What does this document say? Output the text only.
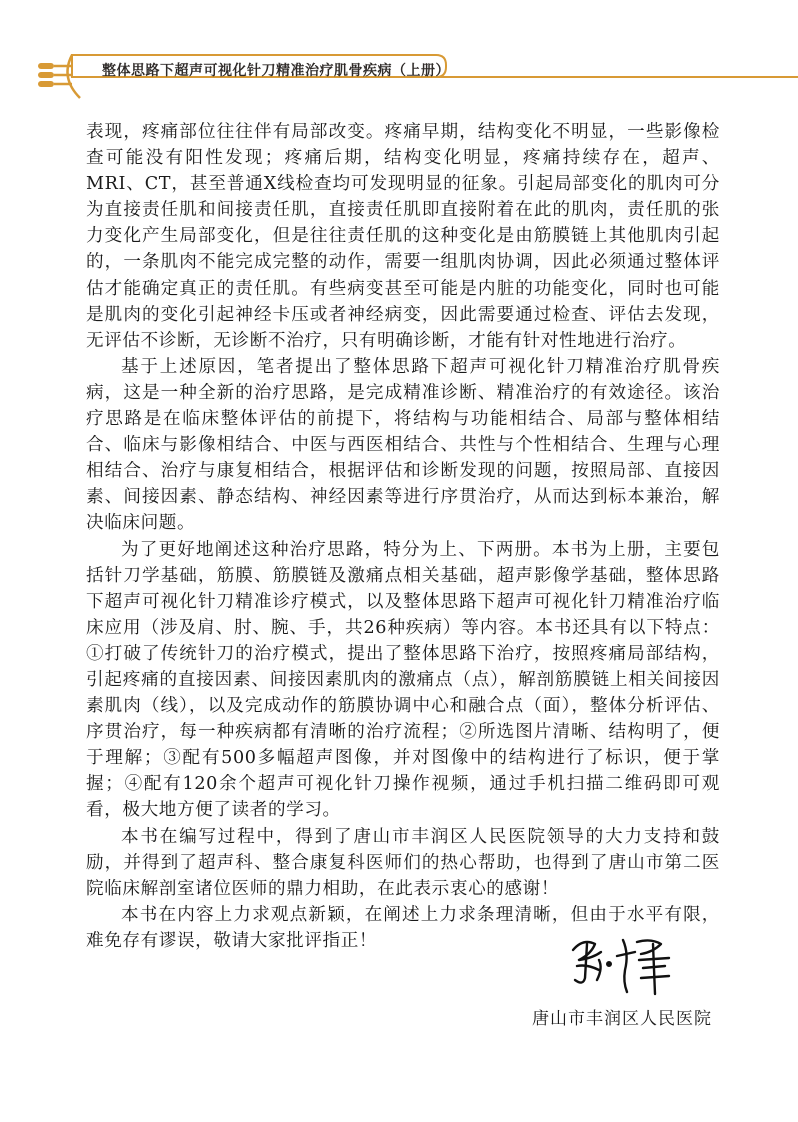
整体思路下超声可视化针刀精准治疗肌骨疾病（上册）

表现，疼痛部位往往伴有局部改变。疼痛早期，结构变化不明显，一些影像检查可能没有阳性发现；疼痛后期，结构变化明显，疼痛持续存在，超声、MRI、CT，甚至普通X线检查均可发现明显的征象。引起局部变化的肌肉可分为直接责任肌和间接责任肌，直接责任肌即直接附着在此的肌肉，责任肌的张力变化产生局部变化，但是往往责任肌的这种变化是由筋膜链上其他肌肉引起的，一条肌肉不能完成完整的动作，需要一组肌肉协调，因此必须通过整体评估才能确定真正的责任肌。有些病变甚至可能是内脏的功能变化，同时也可能是肌肉的变化引起神经卡压或者神经病变，因此需要通过检查、评估去发现，无评估不诊断，无诊断不治疗，只有明确诊断，才能有针对性地进行治疗。

基于上述原因，笔者提出了整体思路下超声可视化针刀精准治疗肌骨疾病，这是一种全新的治疗思路，是完成精准诊断、精准治疗的有效途径。该治疗思路是在临床整体评估的前提下，将结构与功能相结合、局部与整体相结合、临床与影像相结合、中医与西医相结合、共性与个性相结合、生理与心理相结合、治疗与康复相结合，根据评估和诊断发现的问题，按照局部、直接因素、间接因素、静态结构、神经因素等进行序贯治疗，从而达到标本兼治，解决临床问题。

为了更好地阐述这种治疗思路，特分为上、下两册。本书为上册，主要包括针刀学基础，筋膜、筋膜链及激痛点相关基础，超声影像学基础，整体思路下超声可视化针刀精准诊疗模式，以及整体思路下超声可视化针刀精准治疗临床应用（涉及肩、肘、腕、手，共26种疾病）等内容。本书还具有以下特点：①打破了传统针刀的治疗模式，提出了整体思路下治疗，按照疼痛局部结构，引起疼痛的直接因素、间接因素肌肉的激痛点（点），解剖筋膜链上相关间接因素肌肉（线），以及完成动作的筋膜协调中心和融合点（面），整体分析评估、序贯治疗，每一种疾病都有清晰的治疗流程；②所选图片清晰、结构明了，便于理解；③配有500多幅超声图像，并对图像中的结构进行了标识，便于掌握；④配有120余个超声可视化针刀操作视频，通过手机扫描二维码即可观看，极大地方便了读者的学习。

本书在编写过程中，得到了唐山市丰润区人民医院领导的大力支持和鼓励，并得到了超声科、整合康复科医师们的热心帮助，也得到了唐山市第二医院临床解剖室诸位医师的鼎力相助，在此表示衷心的感谢！

本书在内容上力求观点新颖，在阐述上力求条理清晰，但由于水平有限，难免存有谬误，敬请大家批评指正！

唐山市丰润区人民医院
